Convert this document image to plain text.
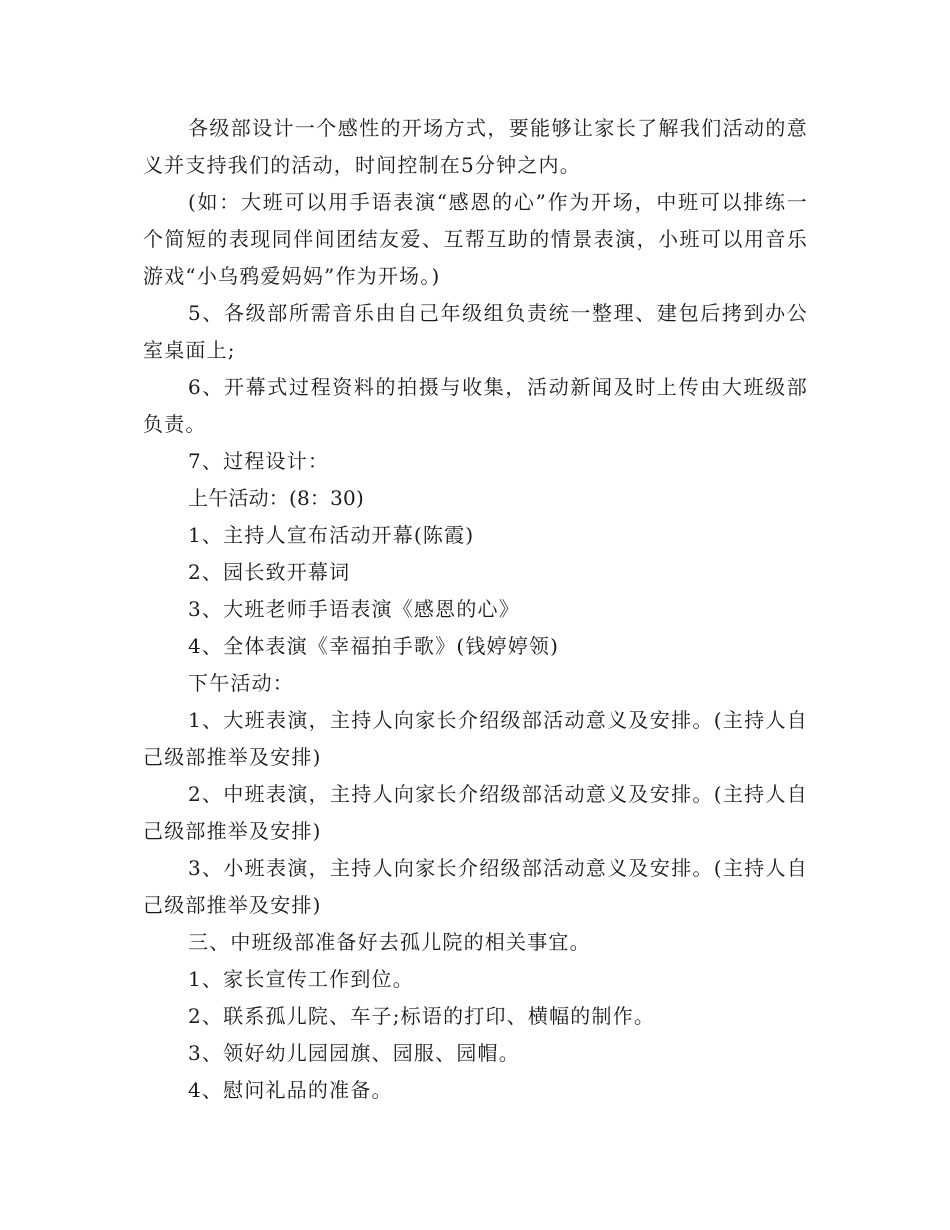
各级部设计一个感性的开场方式，要能够让家长了解我们活动的意义并支持我们的活动，时间控制在5分钟之内。

(如：大班可以用手语表演“感恩的心”作为开场，中班可以排练一个简短的表现同伴间团结友爱、互帮互助的情景表演，小班可以用音乐游戏“小乌鸦爱妈妈”作为开场。)

5、各级部所需音乐由自己年级组负责统一整理、建包后拷到办公室桌面上;

6、开幕式过程资料的拍摄与收集，活动新闻及时上传由大班级部负责。

7、过程设计：

上午活动：(8：30)

1、主持人宣布活动开幕(陈霞)

2、园长致开幕词

3、大班老师手语表演《感恩的心》

4、全体表演《幸福拍手歌》(钱婷婷领)

下午活动：

1、大班表演，主持人向家长介绍级部活动意义及安排。(主持人自己级部推举及安排)

2、中班表演，主持人向家长介绍级部活动意义及安排。(主持人自己级部推举及安排)

3、小班表演，主持人向家长介绍级部活动意义及安排。(主持人自己级部推举及安排)

三、中班级部准备好去孤儿院的相关事宜。

1、家长宣传工作到位。

2、联系孤儿院、车子;标语的打印、横幅的制作。

3、领好幼儿园园旗、园服、园帽。

4、慰问礼品的准备。
